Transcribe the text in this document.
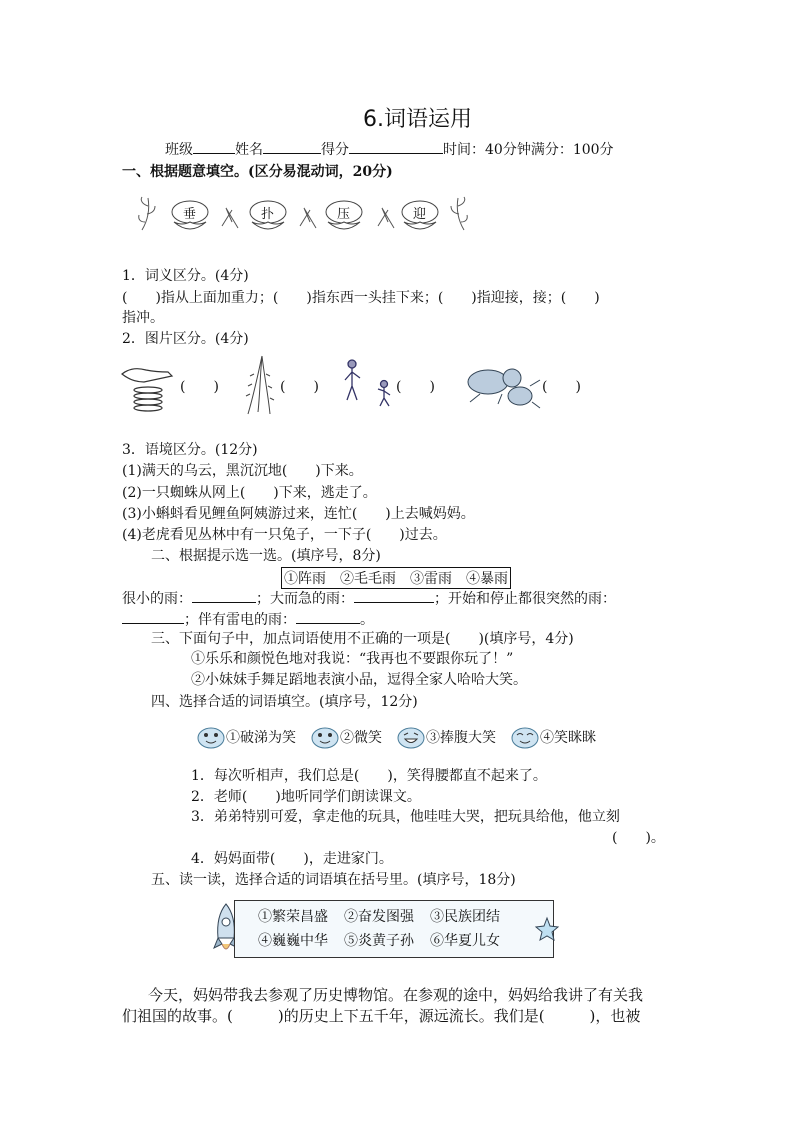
6.词语运用
班级	姓名	得分	时间：40分钟满分：100分
一、根据题意填空。(区分易混动词，20分)
垂	扑	压	迎
1．词义区分。(4分)
(　　)指从上面加重力；(　　)指东西一头挂下来；(　　)指迎接，接；(　　)
指冲。
2．图片区分。(4分)
(　　)	(　　)	(　　)	(　　)
3．语境区分。(12分)
(1)满天的乌云，黑沉沉地(　　)下来。
(2)一只蜘蛛从网上(　　)下来，逃走了。
(3)小蝌蚪看见鲤鱼阿姨游过来，连忙(　　)上去喊妈妈。
(4)老虎看见丛林中有一只兔子，一下子(　　)过去。
二、根据提示选一选。(填序号，8分)
①阵雨　②毛毛雨　③雷雨　④暴雨
很小的雨：	；大而急的雨：	；开始和停止都很突然的雨：
；伴有雷电的雨：	。
三、下面句子中，加点词语使用不正确的一项是(　　)(填序号，4分)
①乐乐和颜悦色地对我说：“我再也不要跟你玩了！”
②小妹妹手舞足蹈地表演小品，逗得全家人哈哈大笑。
四、选择合适的词语填空。(填序号，12分)
①破涕为笑	②微笑	③捧腹大笑	④笑眯眯
1．每次听相声，我们总是(　　)，笑得腰都直不起来了。
2．老师(　　)地听同学们朗读课文。
3．弟弟特别可爱，拿走他的玩具，他哇哇大哭，把玩具给他，他立刻
(　　)。
4．妈妈面带(　　)，走进家门。
五、读一读，选择合适的词语填在括号里。(填序号，18分)
①繁荣昌盛 ②奋发图强 ③民族团结
④巍巍中华 ⑤炎黄子孙 ⑥华夏儿女
今天，妈妈带我去参观了历史博物馆。在参观的途中，妈妈给我讲了有关我
们祖国的故事。(　　　)的历史上下五千年，源远流长。我们是(　　　)，也被
